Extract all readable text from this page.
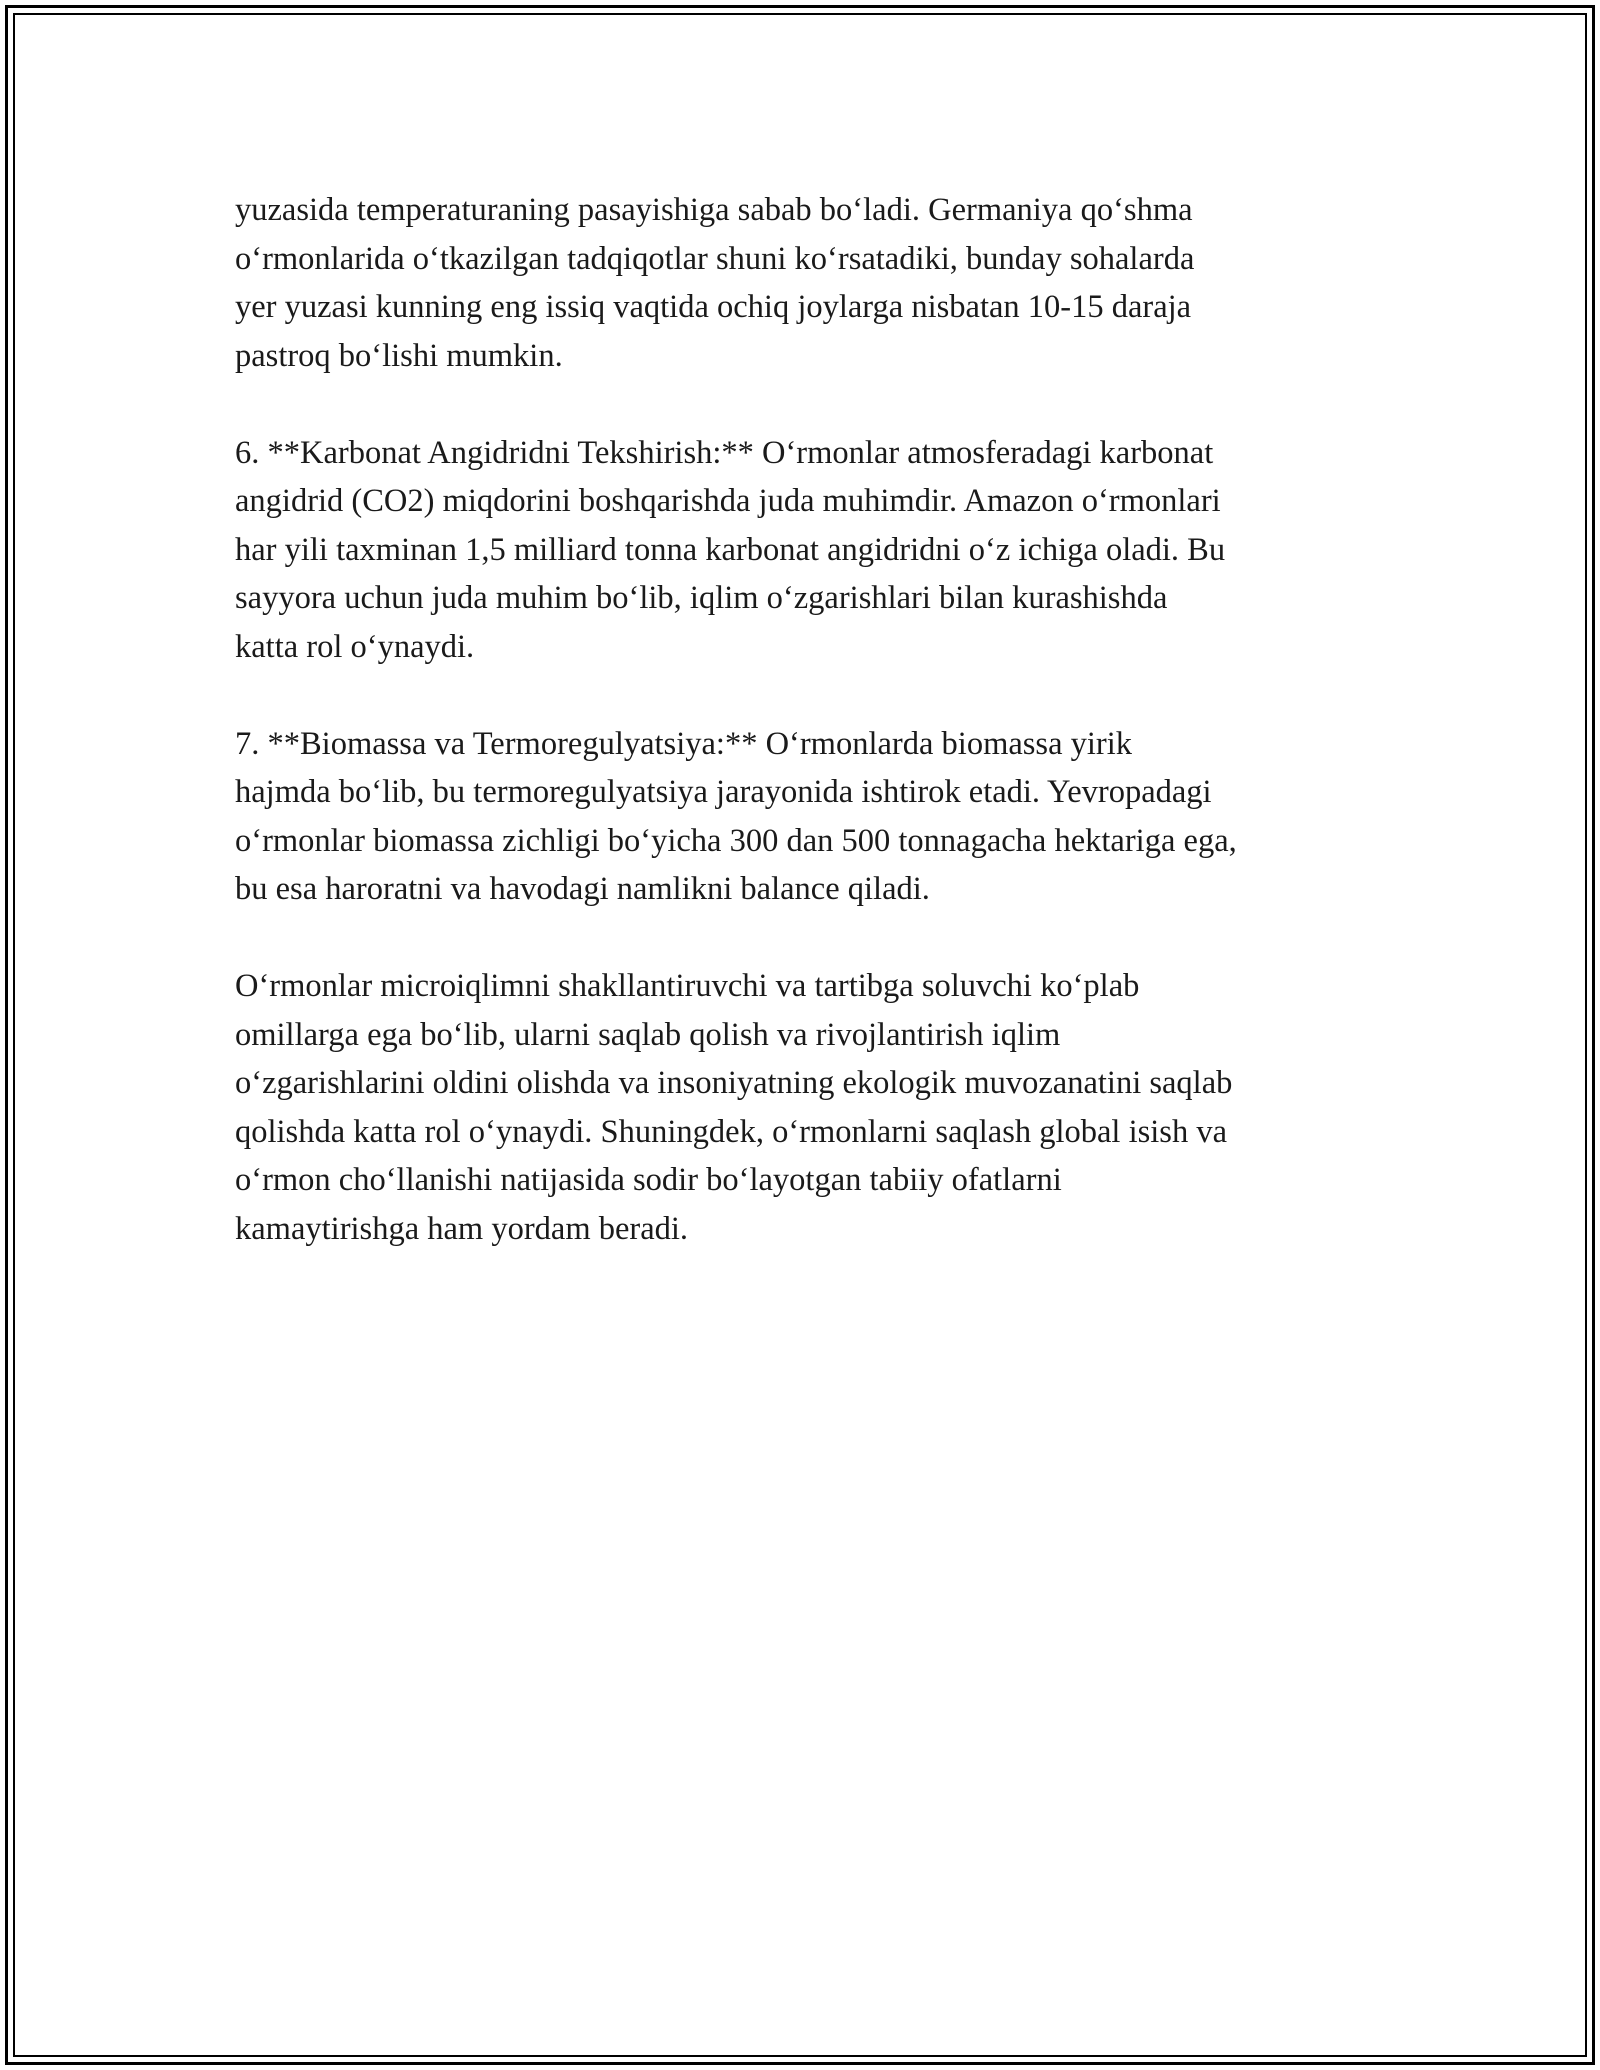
yuzasida temperaturaning pasayishiga sabab bo‘ladi. Germaniya qo‘shma
o‘rmonlarida o‘tkazilgan tadqiqotlar shuni ko‘rsatadiki, bunday sohalarda
yer yuzasi kunning eng issiq vaqtida ochiq joylarga nisbatan 10-15 daraja
pastroq bo‘lishi mumkin.

6. **Karbonat Angidridni Tekshirish:** O‘rmonlar atmosferadagi karbonat
angidrid (CO2) miqdorini boshqarishda juda muhimdir. Amazon o‘rmonlari
har yili taxminan 1,5 milliard tonna karbonat angidridni o‘z ichiga oladi. Bu
sayyora uchun juda muhim bo‘lib, iqlim o‘zgarishlari bilan kurashishda
katta rol o‘ynaydi.

7. **Biomassa va Termoregulyatsiya:** O‘rmonlarda biomassa yirik
hajmda bo‘lib, bu termoregulyatsiya jarayonida ishtirok etadi. Yevropadagi
o‘rmonlar biomassa zichligi bo‘yicha 300 dan 500 tonnagacha hektariga ega,
bu esa haroratni va havodagi namlikni balance qiladi.

O‘rmonlar microiqlimni shakllantiruvchi va tartibga soluvchi ko‘plab
omillarga ega bo‘lib, ularni saqlab qolish va rivojlantirish iqlim
o‘zgarishlarini oldini olishda va insoniyatning ekologik muvozanatini saqlab
qolishda katta rol o‘ynaydi. Shuningdek, o‘rmonlarni saqlash global isish va
o‘rmon cho‘llanishi natijasida sodir bo‘layotgan tabiiy ofatlarni
kamaytirishga ham yordam beradi.
